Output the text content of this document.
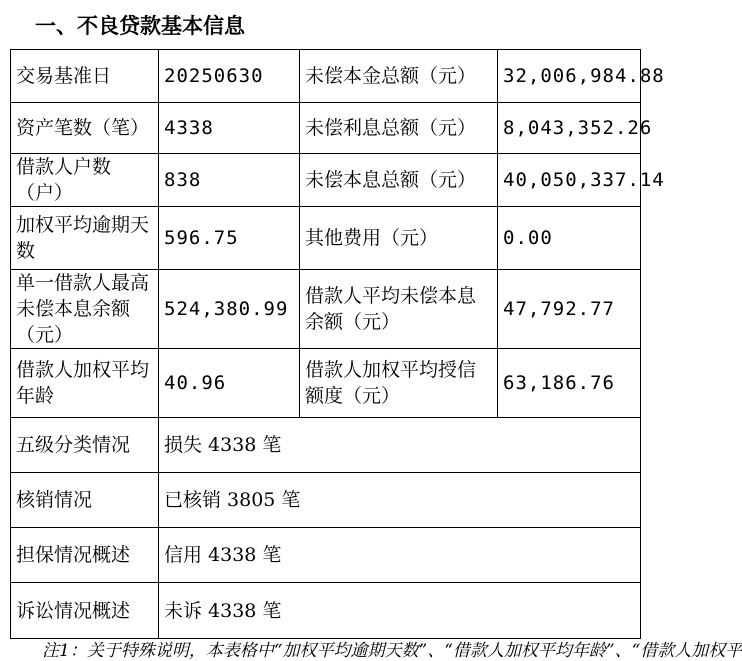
一、不良贷款基本信息
交易基准日	20250630	未偿本金总额（元）	32,006,984.88
资产笔数（笔）	4338	未偿利息总额（元）	8,043,352.26
借款人户数（户）	838	未偿本息总额（元）	40,050,337.14
加权平均逾期天数	596.75	其他费用（元）	0.00
单一借款人最高未偿本息余额（元）	524,380.99	借款人平均未偿本息余额（元）	47,792.77
借款人加权平均年龄	40.96	借款人加权平均授信额度（元）	63,186.76
五级分类情况	损失 4338 笔		
核销情况	已核销 3805 笔		
担保情况概述	信用 4338 笔		
诉讼情况概述	未诉 4338 笔		
注1：关于特殊说明，本表格中“加权平均逾期天数”、“借款人加权平均年龄”、“借款人加权平
